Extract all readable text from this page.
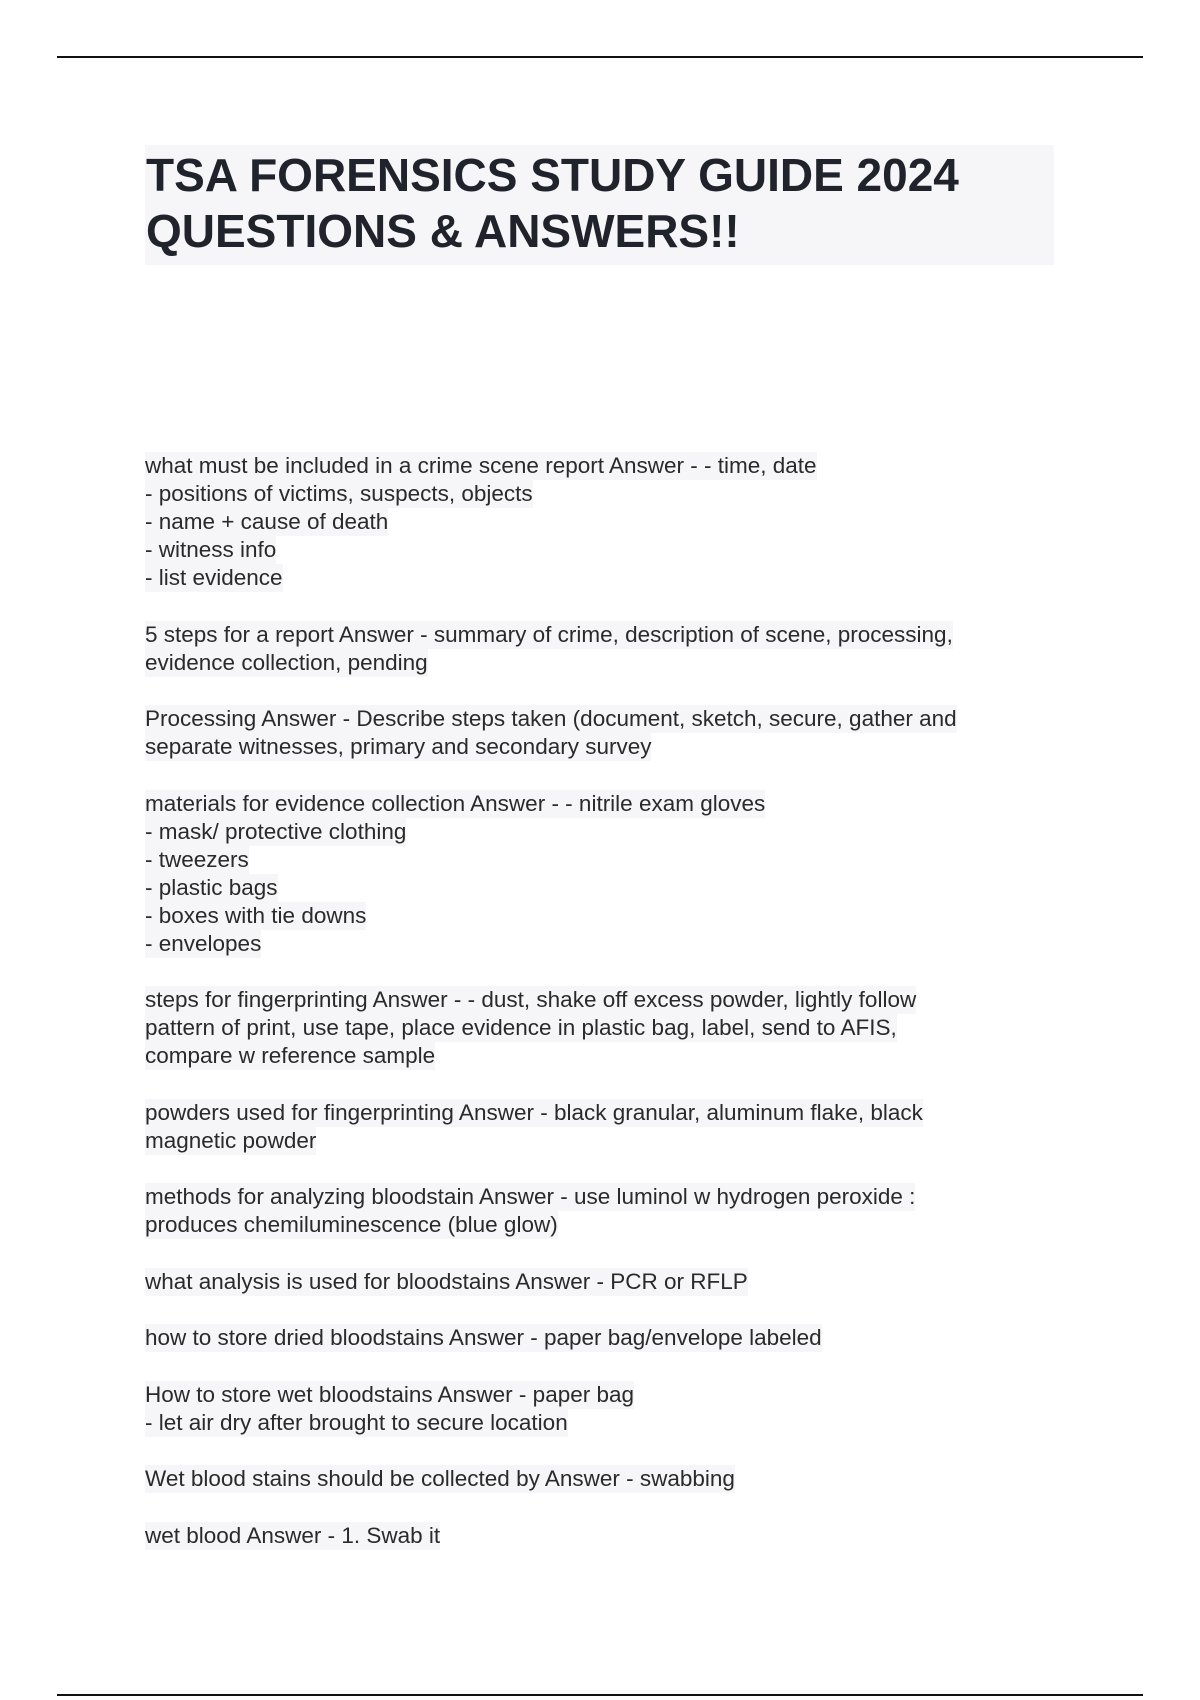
TSA FORENSICS STUDY GUIDE 2024
QUESTIONS & ANSWERS!!
what must be included in a crime scene report Answer - - time, date
- positions of victims, suspects, objects
- name + cause of death
- witness info
- list evidence
5 steps for a report Answer - summary of crime, description of scene, processing,
evidence collection, pending
Processing Answer - Describe steps taken (document, sketch, secure, gather and
separate witnesses, primary and secondary survey
materials for evidence collection Answer - - nitrile exam gloves
- mask/ protective clothing
- tweezers
- plastic bags
- boxes with tie downs
- envelopes
steps for fingerprinting Answer - - dust, shake off excess powder, lightly follow
pattern of print, use tape, place evidence in plastic bag, label, send to AFIS,
compare w reference sample
powders used for fingerprinting Answer - black granular, aluminum flake, black
magnetic powder
methods for analyzing bloodstain Answer - use luminol w hydrogen peroxide :
produces chemiluminescence (blue glow)
what analysis is used for bloodstains Answer - PCR or RFLP
how to store dried bloodstains Answer - paper bag/envelope labeled
How to store wet bloodstains Answer - paper bag
- let air dry after brought to secure location
Wet blood stains should be collected by Answer - swabbing
wet blood Answer - 1. Swab it
